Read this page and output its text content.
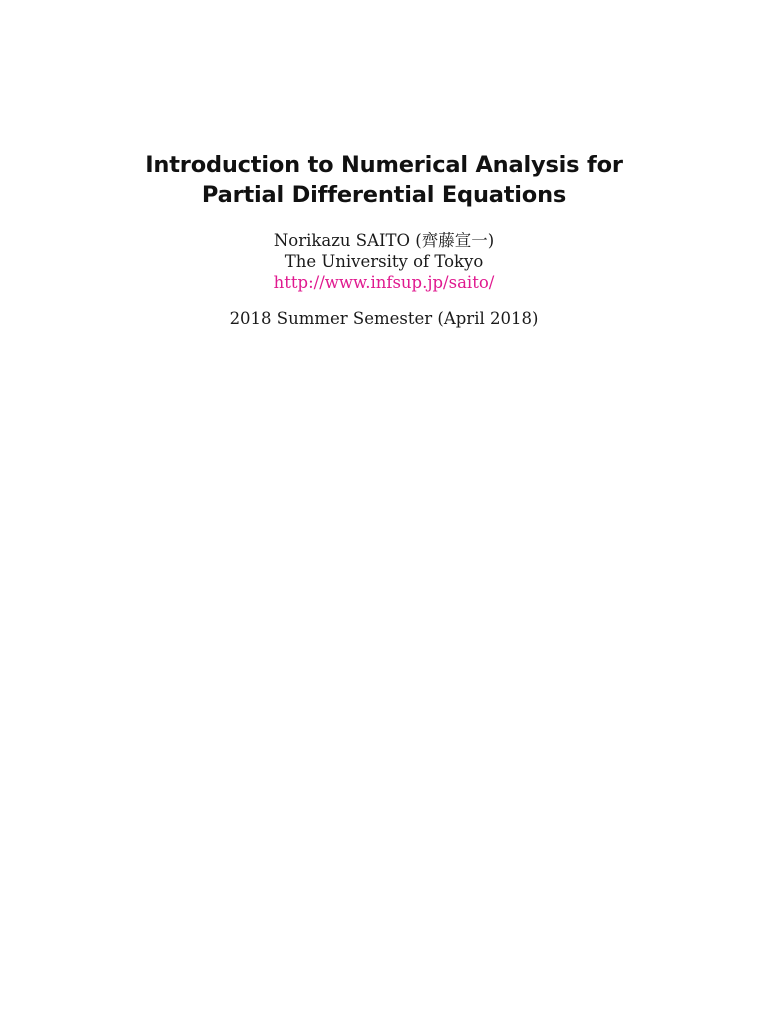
Introduction to Numerical Analysis for
Partial Differential Equations
Norikazu SAITO (齊藤宣一)
The University of Tokyo
http://www.infsup.jp/saito/
2018 Summer Semester (April 2018)
